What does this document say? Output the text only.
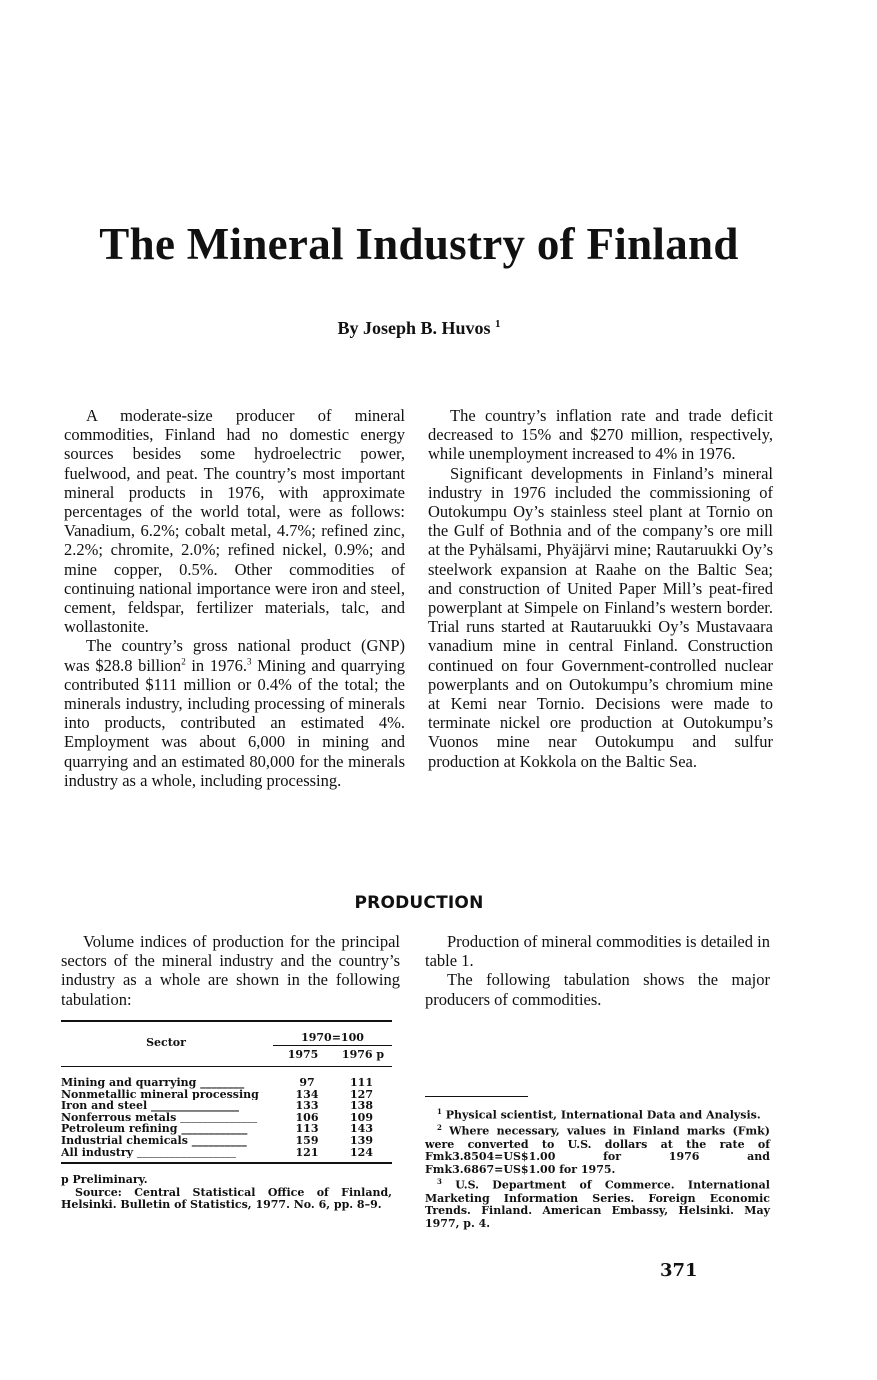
The Mineral Industry of Finland
By Joseph B. Huvos $^1$

A moderate-size producer of mineral commodities, Finland had no domestic energy sources besides some hydroelectric power, fuelwood, and peat. The country’s most important mineral products in 1976, with approximate percentages of the world total, were as follows: Vanadium, 6.2%; cobalt metal, 4.7%; refined zinc, 2.2%; chromite, 2.0%; refined nickel, 0.9%; and mine copper, 0.5%. Other commodities of continuing national importance were iron and steel, cement, feldspar, fertilizer materials, talc, and wollastonite.

The country’s gross national product (GNP) was $28.8 billion$^2$ in 1976.$^3$ Mining and quarrying contributed $111 million or 0.4% of the total; the minerals industry, including processing of minerals into products, contributed an estimated 4%. Employment was about 6,000 in mining and quarrying and an estimated 80,000 for the minerals industry as a whole, including processing.

The country’s inflation rate and trade deficit decreased to 15% and $270 million, respectively, while unemployment increased to 4% in 1976.

Significant developments in Finland’s mineral industry in 1976 included the commissioning of Outokumpu Oy’s stainless steel plant at Tornio on the Gulf of Bothnia and of the company’s ore mill at the Pyhälsami, Phyäjärvi mine; Rautaruukki Oy’s steelwork expansion at Raahe on the Baltic Sea; and construction of United Paper Mill’s peat-fired powerplant at Simpele on Finland’s western border. Trial runs started at Rautaruukki Oy’s Mustavaara vanadium mine in central Finland. Construction continued on four Government-controlled nuclear powerplants and on Outokumpu’s chromium mine at Kemi near Tornio. Decisions were made to terminate nickel ore production at Outokumpu’s Vuonos mine near Outokumpu and sulfur production at Kokkola on the Baltic Sea.

PRODUCTION

Volume indices of production for the principal sectors of the mineral industry and the country’s industry as a whole are shown in the following tabulation:

Production of mineral commodities is detailed in table 1.

The following tabulation shows the major producers of commodities.

Sector	1970=100
1975	1976 p
Mining and quarrying ________	97	111
Nonmetallic mineral processing	134	127
Iron and steel ________________	133	138
Nonferrous metals ______________	106	109
Petroleum refining ____________	113	143
Industrial chemicals __________	159	139
All industry __________________	121	124

p Preliminary.

Source: Central Statistical Office of Finland, Helsinki. Bulletin of Statistics, 1977. No. 6, pp. 8–9.

$^1$ Physical scientist, International Data and Analysis.

$^2$ Where necessary, values in Finland marks (Fmk) were converted to U.S. dollars at the rate of Fmk3.8504=US$1.00 for 1976 and Fmk3.6867=US$1.00 for 1975.

$^3$ U.S. Department of Commerce. International Marketing Information Series. Foreign Economic Trends. Finland. American Embassy, Helsinki. May 1977, p. 4.

371
